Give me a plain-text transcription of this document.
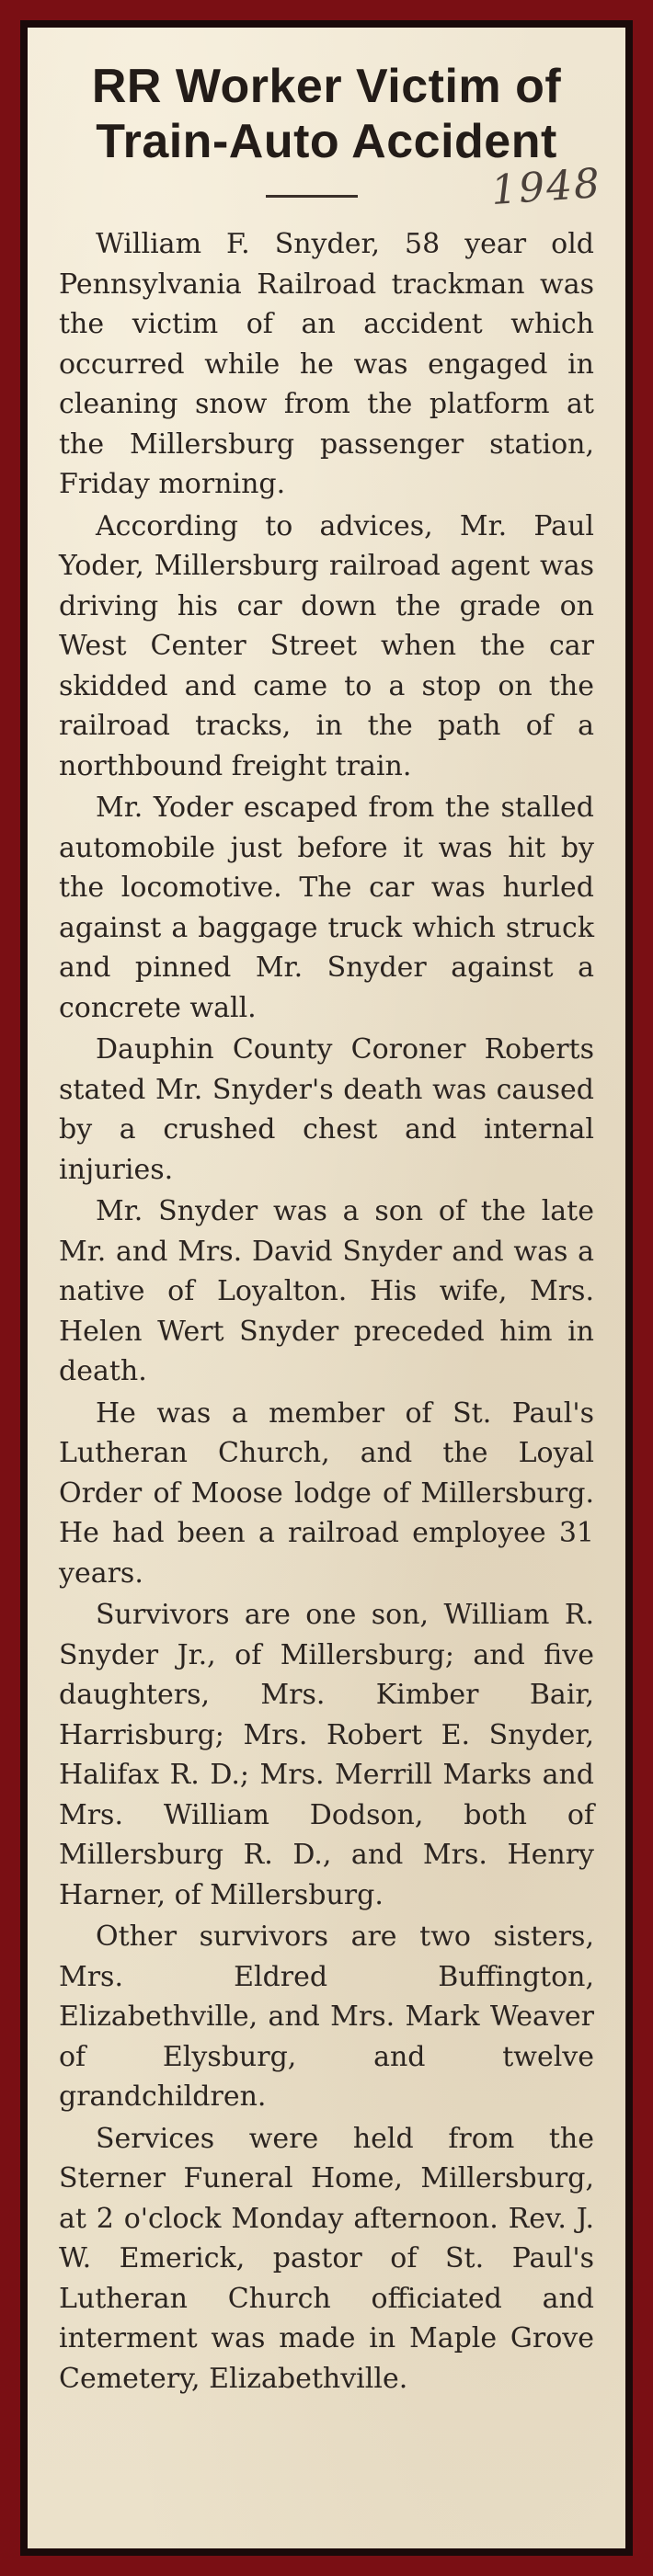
RR Worker Victim of
Train-Auto Accident
1948

William F. Snyder, 58 year old Pennsylvania Railroad trackman was the victim of an accident which occurred while he was engaged in cleaning snow from the platform at the Millersburg passenger station, Friday morning.

According to advices, Mr. Paul Yoder, Millersburg railroad agent was driving his car down the grade on West Center Street when the car skidded and came to a stop on the railroad tracks, in the path of a northbound freight train.

Mr. Yoder escaped from the stalled automobile just before it was hit by the locomotive. The car was hurled against a baggage truck which struck and pinned Mr. Snyder against a concrete wall.

Dauphin County Coroner Roberts stated Mr. Snyder's death was caused by a crushed chest and internal injuries.

Mr. Snyder was a son of the late Mr. and Mrs. David Snyder and was a native of Loyalton. His wife, Mrs. Helen Wert Snyder preceded him in death.

He was a member of St. Paul's Lutheran Church, and the Loyal Order of Moose lodge of Millersburg. He had been a railroad employee 31 years.

Survivors are one son, William R. Snyder Jr., of Millersburg; and five daughters, Mrs. Kimber Bair, Harrisburg; Mrs. Robert E. Snyder, Halifax R. D.; Mrs. Merrill Marks and Mrs. William Dodson, both of Millersburg R. D., and Mrs. Henry Harner, of Millersburg.

Other survivors are two sisters, Mrs. Eldred Buffington, Elizabethville, and Mrs. Mark Weaver of Elysburg, and twelve grandchildren.

Services were held from the Sterner Funeral Home, Millersburg, at 2 o'clock Monday afternoon. Rev. J. W. Emerick, pastor of St. Paul's Lutheran Church officiated and interment was made in Maple Grove Cemetery, Elizabethville.
